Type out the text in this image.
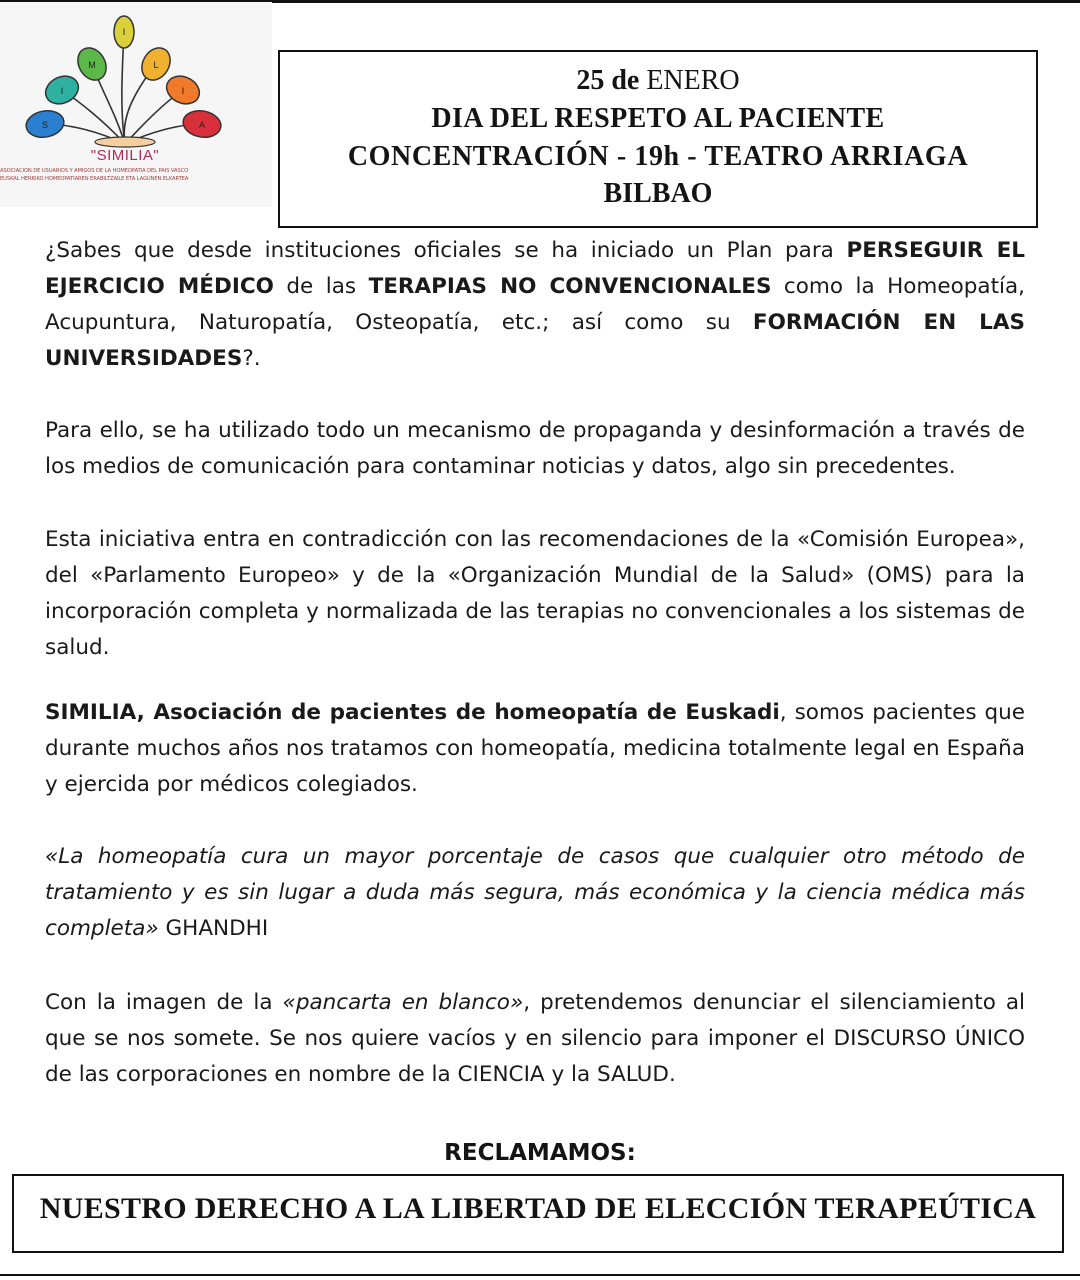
I
M	L
I	I
S	A
"SIMILIA"
ASOCIACION DE USUARIOS Y AMIGOS DE LA HOMEOPATIA DEL PAIS VASCO
EUSKAL HERRIKO HOMEOPATIAREN ERABILTZAILE ETA LAGUNEN ELKARTEA
25 de ENERO
DIA DEL RESPETO AL PACIENTE
CONCENTRACIÓN - 19h - TEATRO ARRIAGA
BILBAO

¿Sabes que desde instituciones oficiales se ha iniciado un Plan para PERSEGUIR EL EJERCICIO MÉDICO de las TERAPIAS NO CONVENCIONALES como la Homeopatía, Acupuntura, Naturopatía, Osteopatía, etc.; así como su FORMACIÓN EN LAS UNIVERSIDADES?.

Para ello, se ha utilizado todo un mecanismo de propaganda y desinformación a través de los medios de comunicación para contaminar noticias y datos, algo sin precedentes.

Esta iniciativa entra en contradicción con las recomendaciones de la «Comisión Europea», del «Parlamento Europeo» y de la «Organización Mundial de la Salud» (OMS) para la incorporación completa y normalizada de las terapias no convencionales a los sistemas de salud.

SIMILIA, Asociación de pacientes de homeopatía de Euskadi, somos pacientes que durante muchos años nos tratamos con homeopatía, medicina totalmente legal en España y ejercida por médicos colegiados.

«La homeopatía cura un mayor porcentaje de casos que cualquier otro método de tratamiento y es sin lugar a duda más segura, más económica y la ciencia médica más completa» GHANDHI

Con la imagen de la «pancarta en blanco», pretendemos denunciar el silenciamiento al que se nos somete. Se nos quiere vacíos y en silencio para imponer el DISCURSO ÚNICO de las corporaciones en nombre de la CIENCIA y la SALUD.

RECLAMAMOS:
NUESTRO DERECHO A LA LIBERTAD DE ELECCIÓN TERAPEÚTICA
